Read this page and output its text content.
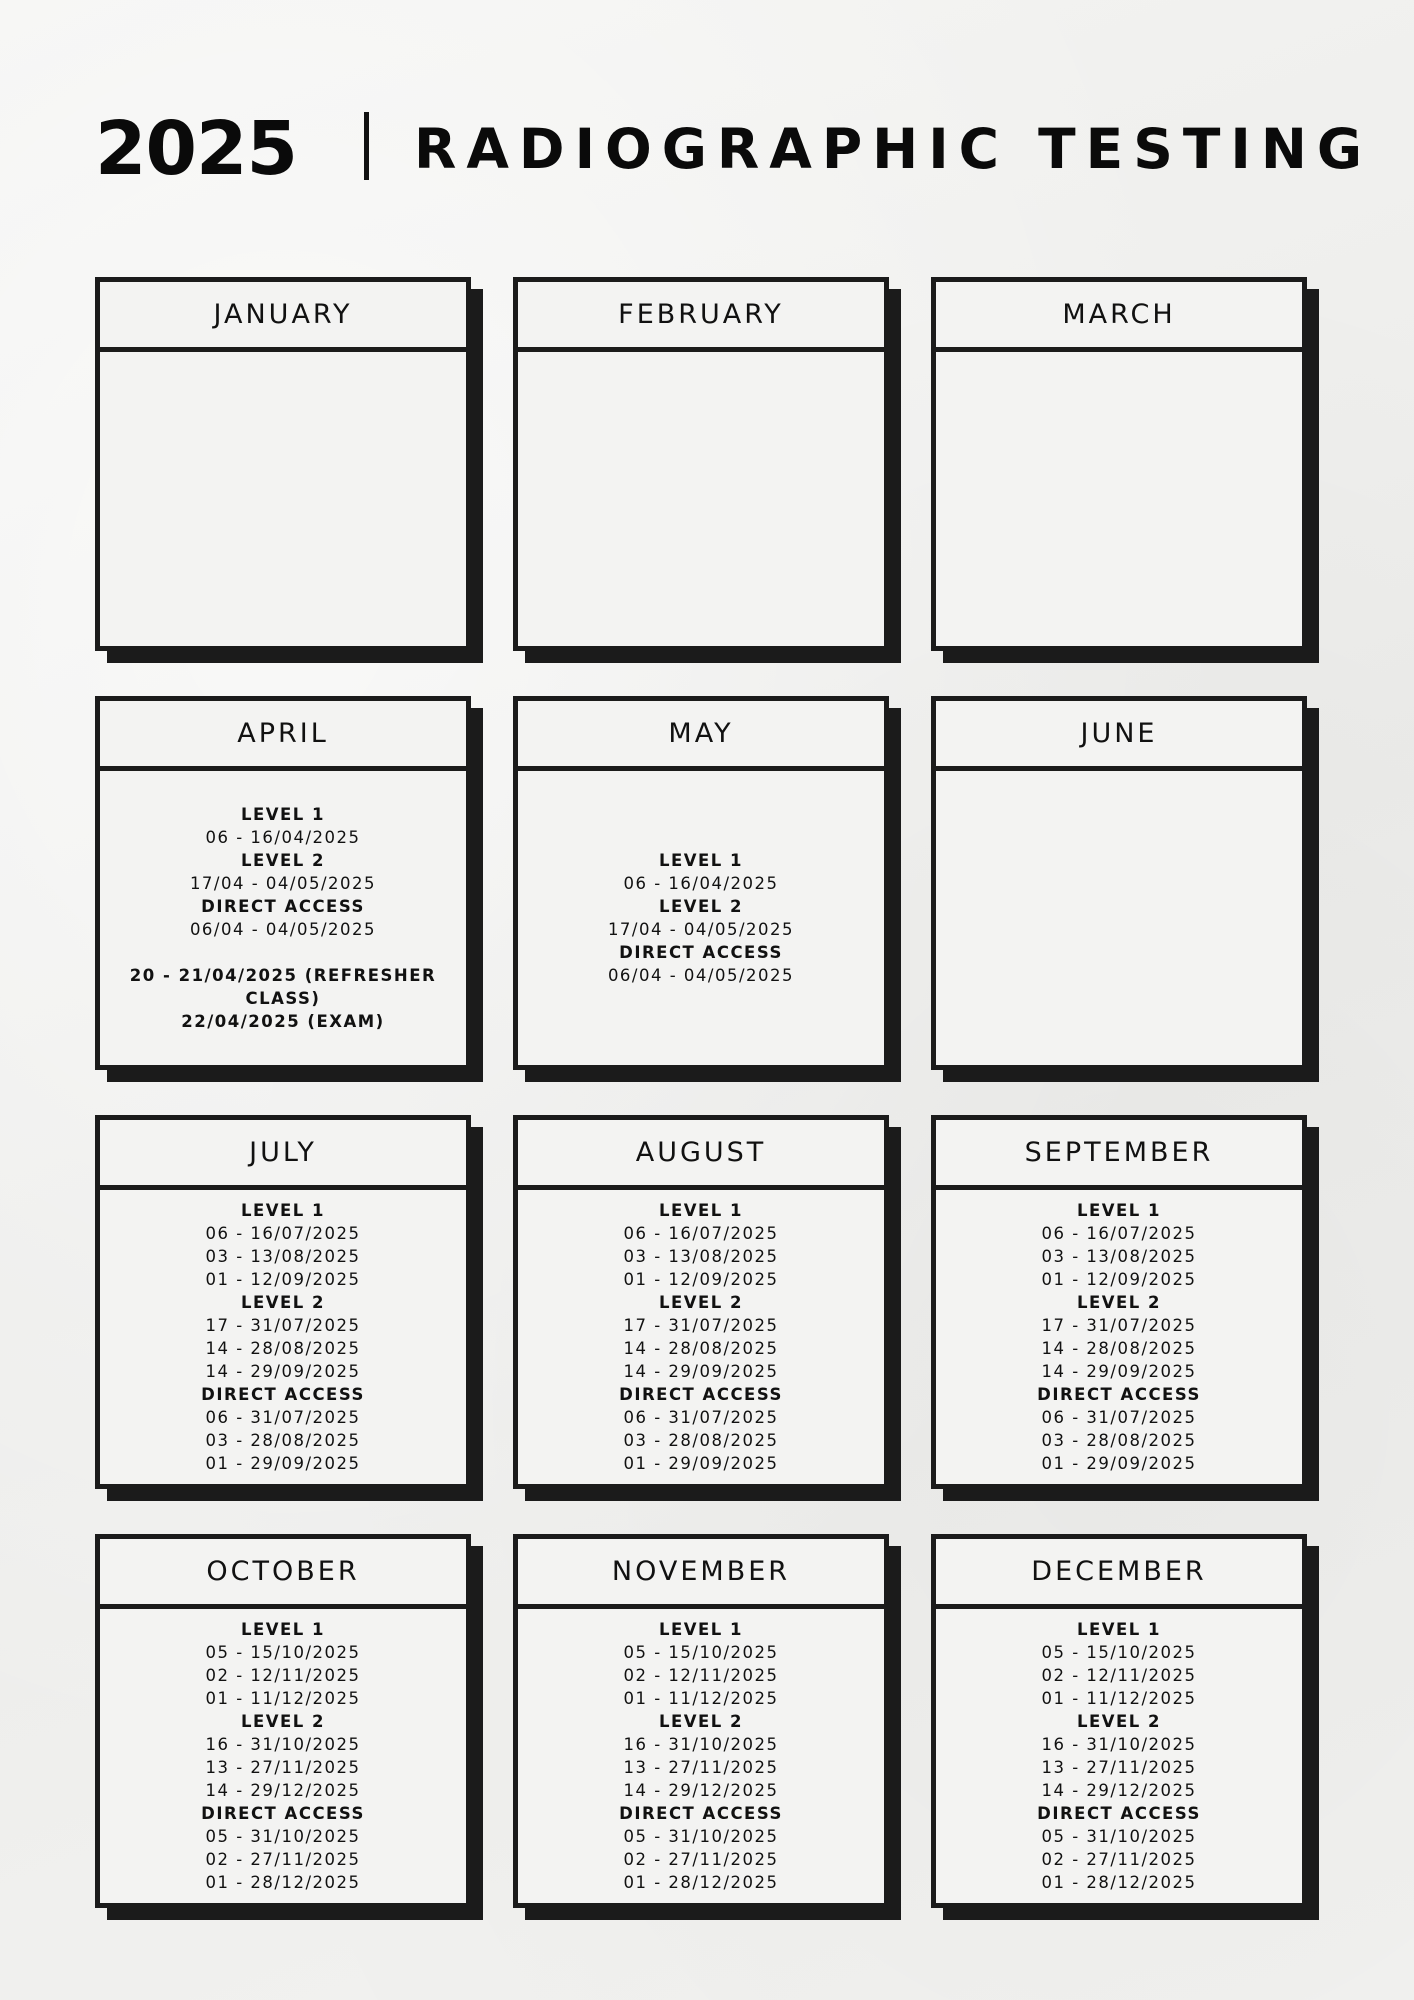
2025 RADIOGRAPHIC TESTING
JANUARY	FEBRUARY	MARCH
APRIL
LEVEL 1
06 - 16/04/2025
LEVEL 2
17/04 - 04/05/2025
DIRECT ACCESS
06/04 - 04/05/2025
20 - 21/04/2025 (REFRESHER
CLASS)
22/04/2025 (EXAM)
MAY
LEVEL 1
06 - 16/04/2025
LEVEL 2
17/04 - 04/05/2025
DIRECT ACCESS
06/04 - 04/05/2025
JUNE
JULY
LEVEL 1
06 - 16/07/2025
03 - 13/08/2025
01 - 12/09/2025
LEVEL 2
17 - 31/07/2025
14 - 28/08/2025
14 - 29/09/2025
DIRECT ACCESS
06 - 31/07/2025
03 - 28/08/2025
01 - 29/09/2025
AUGUST
LEVEL 1
06 - 16/07/2025
03 - 13/08/2025
01 - 12/09/2025
LEVEL 2
17 - 31/07/2025
14 - 28/08/2025
14 - 29/09/2025
DIRECT ACCESS
06 - 31/07/2025
03 - 28/08/2025
01 - 29/09/2025
SEPTEMBER
LEVEL 1
06 - 16/07/2025
03 - 13/08/2025
01 - 12/09/2025
LEVEL 2
17 - 31/07/2025
14 - 28/08/2025
14 - 29/09/2025
DIRECT ACCESS
06 - 31/07/2025
03 - 28/08/2025
01 - 29/09/2025
OCTOBER
LEVEL 1
05 - 15/10/2025
02 - 12/11/2025
01 - 11/12/2025
LEVEL 2
16 - 31/10/2025
13 - 27/11/2025
14 - 29/12/2025
DIRECT ACCESS
05 - 31/10/2025
02 - 27/11/2025
01 - 28/12/2025
NOVEMBER
LEVEL 1
05 - 15/10/2025
02 - 12/11/2025
01 - 11/12/2025
LEVEL 2
16 - 31/10/2025
13 - 27/11/2025
14 - 29/12/2025
DIRECT ACCESS
05 - 31/10/2025
02 - 27/11/2025
01 - 28/12/2025
DECEMBER
LEVEL 1
05 - 15/10/2025
02 - 12/11/2025
01 - 11/12/2025
LEVEL 2
16 - 31/10/2025
13 - 27/11/2025
14 - 29/12/2025
DIRECT ACCESS
05 - 31/10/2025
02 - 27/11/2025
01 - 28/12/2025
